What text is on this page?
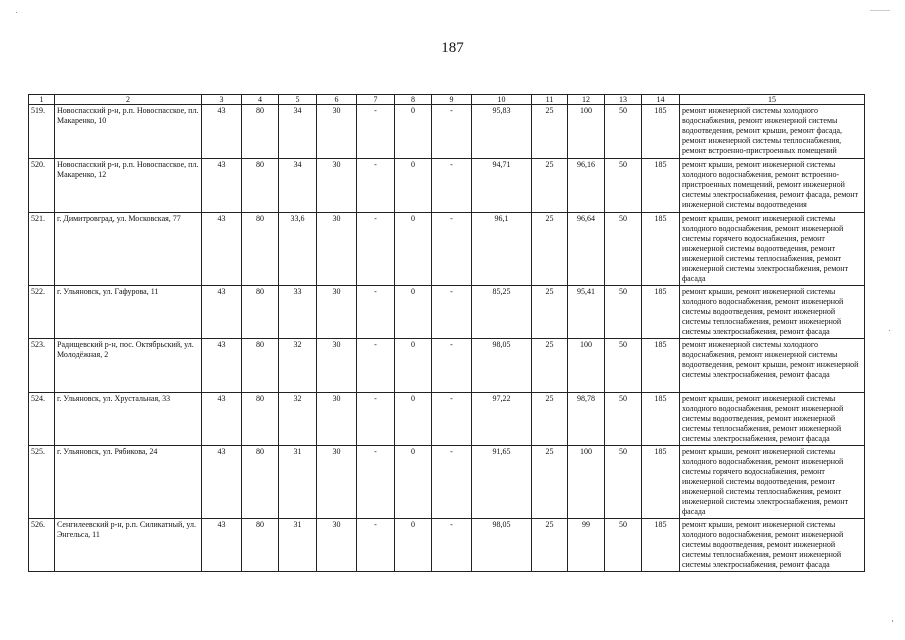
187
1	2	3	4	5	6	7	8	9	10	11	12	13	14	15
519.	Новоспасский р-н, р.п. Новоспасское, пл. Макаренко, 10	43	80	34	30	-	0	-	95,83	25	100	50	185	ремонт инженерной системы холодного водоснабжения, ремонт инженерной системы водоотведения, ремонт крыши, ремонт фасада, ремонт инженерной системы теплоснабжения, ремонт встроенно-пристроенных помещений
520.	Новоспасский р-н, р.п. Новоспасское, пл. Макаренко, 12	43	80	34	30	-	0	-	94,71	25	96,16	50	185	ремонт крыши, ремонт инженерной системы холодного водоснабжения, ремонт встроенно-пристроенных помещений, ремонт инженерной системы электроснабжения, ремонт фасада, ремонт инженерной системы водоотведения
521.	г. Димитровград, ул. Московская, 77	43	80	33,6	30	-	0	-	96,1	25	96,64	50	185	ремонт крыши, ремонт инженерной системы холодного водоснабжения, ремонт инженерной системы горячего водоснабжения, ремонт инженерной системы водоотведения, ремонт инженерной системы теплоснабжения, ремонт инженерной системы электроснабжения, ремонт фасада
522.	г. Ульяновск, ул. Гафурова, 11	43	80	33	30	-	0	-	85,25	25	95,41	50	185	ремонт крыши, ремонт инженерной системы холодного водоснабжения, ремонт инженерной системы водоотведения, ремонт инженерной системы теплоснабжения, ремонт инженерной системы электроснабжения, ремонт фасада
523.	Радищевский р-н, пос. Октябрьский, ул. Молодёжная, 2	43	80	32	30	-	0	-	98,05	25	100	50	185	ремонт инженерной системы холодного водоснабжения, ремонт инженерной системы водоотведения, ремонт крыши, ремонт инженерной системы электроснабжения, ремонт фасада
524.	г. Ульяновск, ул. Хрустальная, 33	43	80	32	30	-	0	-	97,22	25	98,78	50	185	ремонт крыши, ремонт инженерной системы холодного водоснабжения, ремонт инженерной системы водоотведения, ремонт инженерной системы теплоснабжения, ремонт инженерной системы электроснабжения, ремонт фасада
525.	г. Ульяновск, ул. Рябикова, 24	43	80	31	30	-	0	-	91,65	25	100	50	185	ремонт крыши, ремонт инженерной системы холодного водоснабжения, ремонт инженерной системы горячего водоснабжения, ремонт инженерной системы водоотведения, ремонт инженерной системы теплоснабжения, ремонт инженерной системы электроснабжения, ремонт фасада
526.	Сенгилеевский р-н, р.п. Силикатный, ул. Энгельса, 11	43	80	31	30	-	0	-	98,05	25	99	50	185	ремонт крыши, ремонт инженерной системы холодного водоснабжения, ремонт инженерной системы водоотведения, ремонт инженерной системы теплоснабжения, ремонт инженерной системы электроснабжения, ремонт фасада
